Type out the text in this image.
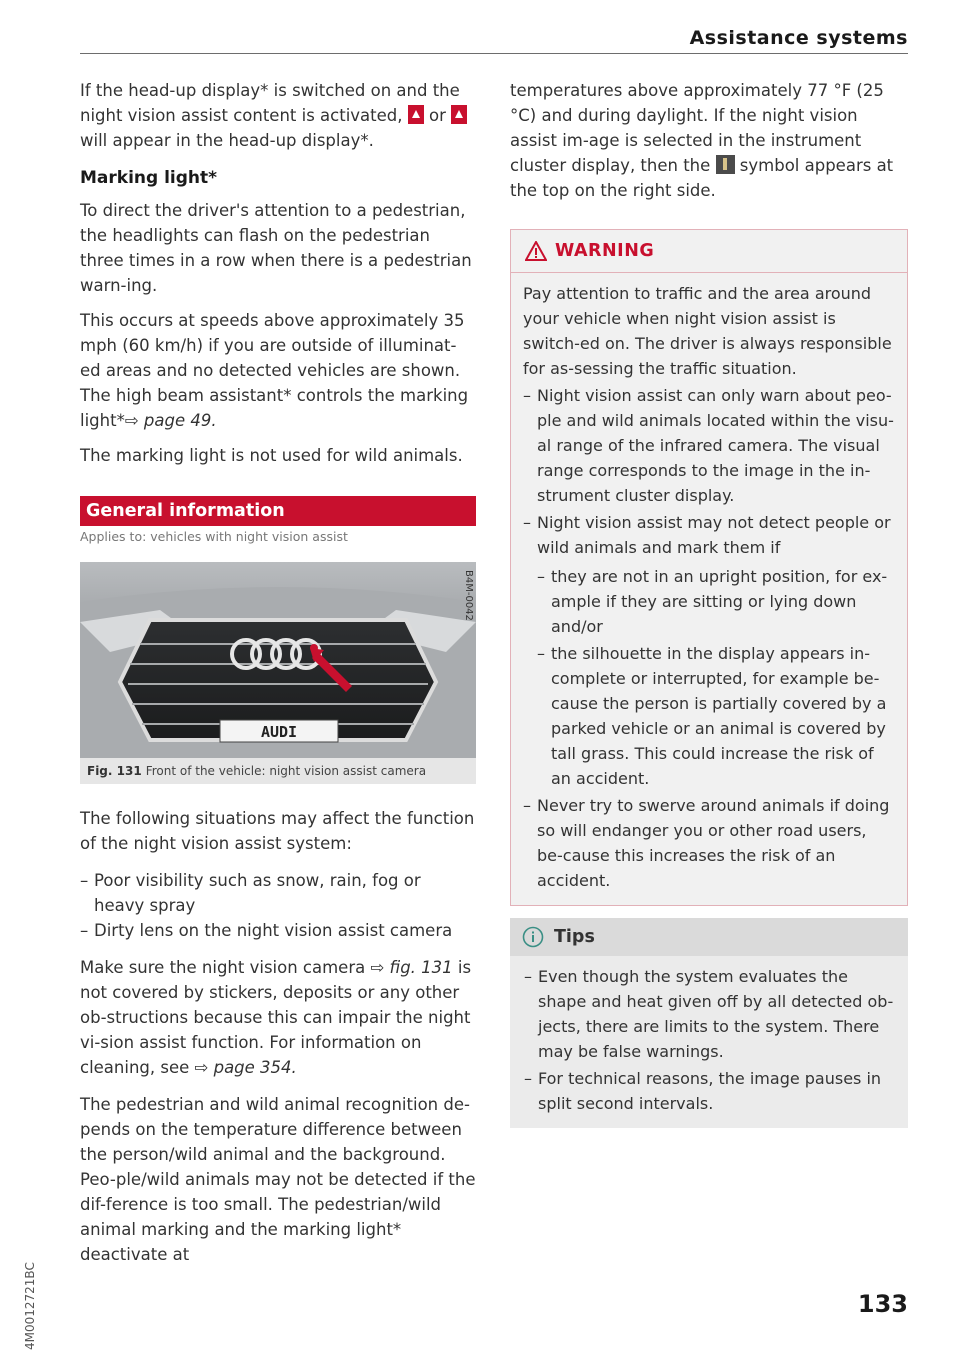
Assistance systems

If the head-up display* is switched on and the night vision assist content is activated, or  will appear in the head-up display*.

Marking light*

To direct the driver's attention to a pedestrian, the headlights can flash on the pedestrian three times in a row when there is a pedestrian warn-ing.

This occurs at speeds above approximately 35 mph (60 km/h) if you are outside of illuminat-ed areas and no detected vehicles are shown. The high beam assistant* controls the marking light*⇨ page 49.

The marking light is not used for wild animals.

General information
Applies to: vehicles with night vision assist
AUDI
B4M-0042
Fig. 131 Front of the vehicle: night vision assist camera

The following situations may affect the function of the night vision assist system:

– Poor visibility such as snow, rain, fog or heavy spray

– Dirty lens on the night vision assist camera

Make sure the night vision camera ⇨ fig. 131 is not covered by stickers, deposits or any other ob-structions because this can impair the night vi-sion assist function. For information on cleaning, see ⇨ page 354.

The pedestrian and wild animal recognition de-pends on the temperature difference between the person/wild animal and the background. Peo-ple/wild animals may not be detected if the dif-ference is too small. The pedestrian/wild animal marking and the marking light* deactivate at

temperatures above approximately 77 °F (25 °C) and during daylight. If the night vision assist im-age is selected in the instrument cluster display, then the symbol appears at the top on the right side.

WARNING

Pay attention to traffic and the area around your vehicle when night vision assist is switch-ed on. The driver is always responsible for as-sessing the traffic situation.

– Night vision assist can only warn about peo-ple and wild animals located within the visu-al range of the infrared camera. The visual range corresponds to the image in the in-strument cluster display.

– Night vision assist may not detect people or wild animals and mark them if

– they are not in an upright position, for ex-ample if they are sitting or lying down and/or

– the silhouette in the display appears in-complete or interrupted, for example be-cause the person is partially covered by a parked vehicle or an animal is covered by tall grass. This could increase the risk of an accident.

– Never try to swerve around animals if doing so will endanger you or other road users, be-cause this increases the risk of an accident.

Tips

– Even though the system evaluates the shape and heat given off by all detected ob-jects, there are limits to the system. There may be false warnings.

– For technical reasons, the image pauses in split second intervals.

4M0012721BC	133
